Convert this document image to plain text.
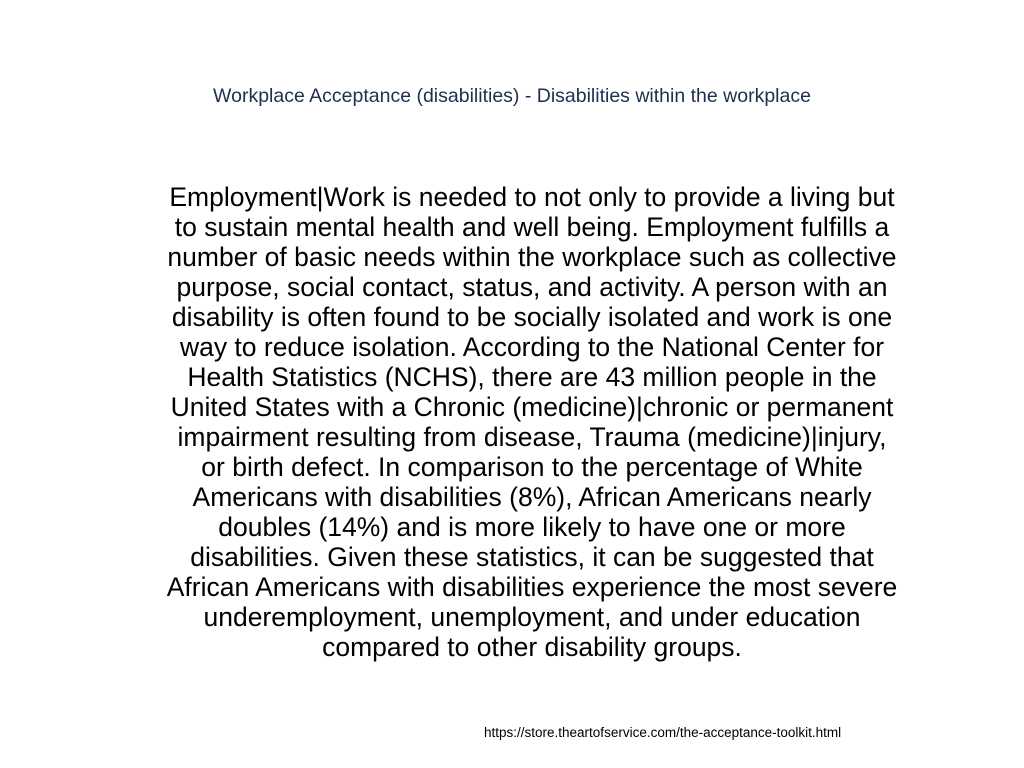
Workplace Acceptance (disabilities) - Disabilities within the workplace
Employment|Work is needed to not only to provide a living but
to sustain mental health and well being. Employment fulfills a
number of basic needs within the workplace such as collective
purpose, social contact, status, and activity. A person with an
disability is often found to be socially isolated and work is one
way to reduce isolation. According to the National Center for
Health Statistics (NCHS), there are 43 million people in the
United States with a Chronic (medicine)|chronic or permanent
impairment resulting from disease, Trauma (medicine)|injury,
or birth defect. In comparison to the percentage of White
Americans with disabilities (8%), African Americans nearly
doubles (14%) and is more likely to have one or more
disabilities. Given these statistics, it can be suggested that
African Americans with disabilities experience the most severe
underemployment, unemployment, and under education
compared to other disability groups.
https://store.theartofservice.com/the-acceptance-toolkit.html
